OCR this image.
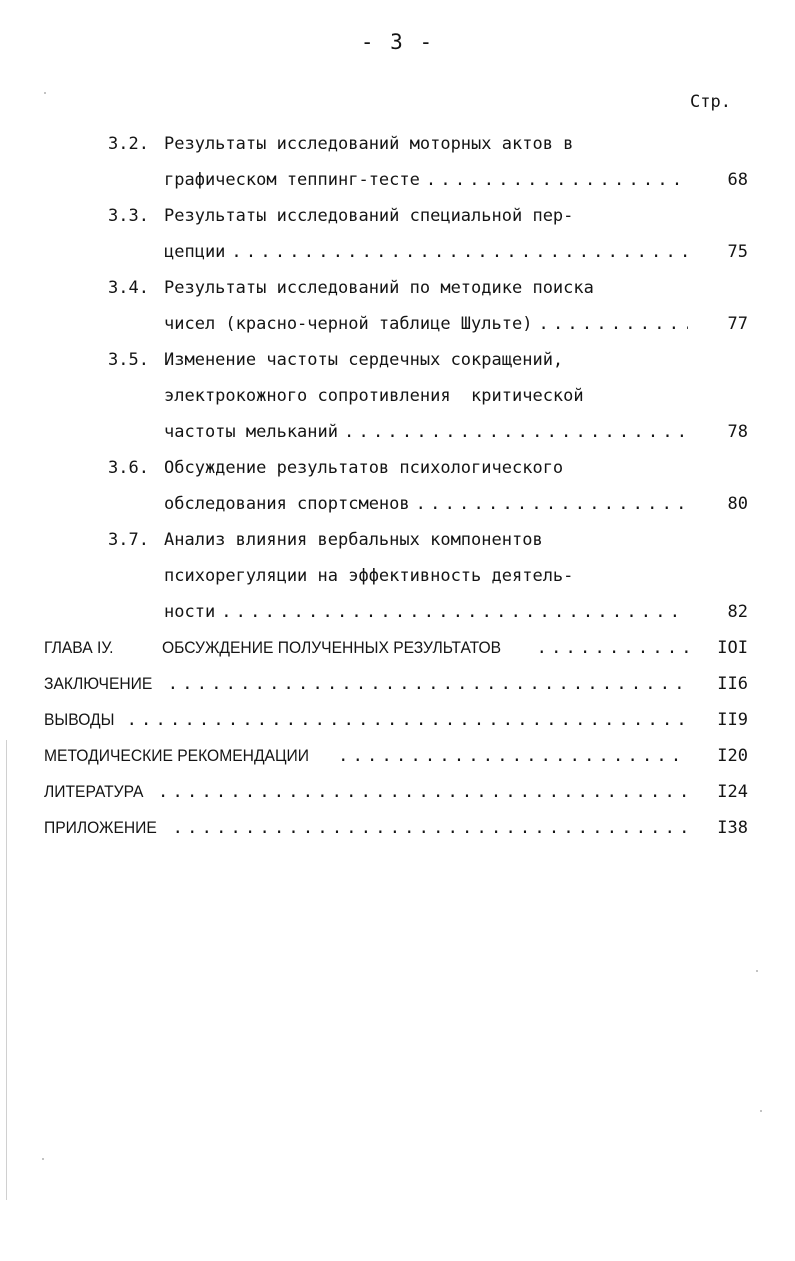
- 3 -
Стр.
3.2. Результаты исследований моторных актов в
графическом теппинг-тесте . . .	68
3.3. Результаты исследований специальной пер-
цепции . . .	75
3.4. Результаты исследований по методике поиска
чисел (красно-черной таблице Шульте) . . .	77
3.5. Изменение частоты сердечных сокращений,
электрокожного сопротивления  критической
частоты мельканий . . .	78
3.6. Обсуждение результатов психологического
обследования спортсменов . . .	80
3.7. Анализ влияния вербальных компонентов
психорегуляции на эффективность деятель-
ности . . .	82
ГЛАВА IУ.	ОБСУЖДЕНИЕ ПОЛУЧЕННЫХ РЕЗУЛЬТАТОВ . . .	IOI
ЗАКЛЮЧЕНИЕ . . .	II6
ВЫВОДЫ . . .	II9
МЕТОДИЧЕСКИЕ РЕКОМЕНДАЦИИ . . .	I20
ЛИТЕРАТУРА . . .	I24
ПРИЛОЖЕНИЕ . . .	I38
